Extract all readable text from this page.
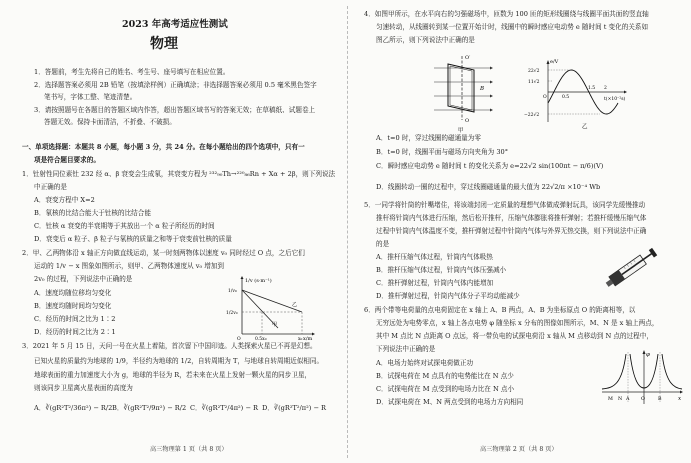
2023 年高考适应性测试
物理
1．答题前，考生先将自己的姓名、考生号、座号填写在相应位置。
2．选择题答案必须用 2B 铅笔（按填涂样例）正确填涂；非选择题答案必须用 0.5 毫米黑色签字
笔书写，字体工整、笔迹清楚。
3．请按照题号在各题目的答题区域内作答，超出答题区域书写的答案无效；在草稿纸、试题卷上
答题无效。保持卡面清洁，不折叠、不破损。
一、单项选择题：本题共 8 小题，每小题 3 分，共 24 分。在每小题给出的四个选项中，只有一
项是符合题目要求的。
1．钍射性同位素钍 232 经 α、β 衰变会生成氡，其衰变方程为 ²³²₉₀Th→²²⁰₈₆Rn + Xα + 2β，则下列说法
中正确的是
A．衰变方程中 X=2
B．氡核的比结合能大于钍核的比结合能
C．钍核 α 衰变的半衰期等于其放出一个 α 粒子所经历的时间
D．衰变后 α 粒子、β 粒子与氡核的质量之和等于衰变前钍核的质量
2．甲、乙两物体沿 x 轴正方向做直线运动，某一时刻两物体以速度 v₀ 同时经过 O 点，之后它们
运动的 1/v − x 图象如图所示，则甲、乙两物体速度从 v₀ 增加到
2v₀ 的过程，下列说法中正确的是
A．速度均随位移均匀变化
B．速度均随时间均匀变化
C．经历的时间之比为 1∶2
D．经历的时间之比为 2∶1
1/v (s·m⁻¹)
x/m
1/v₀
1/2v₀
0.5x₀	x₀
O
甲
乙
3．2021 年 5 月 15 日，天问一号在火星上着陆，首次留下中国印迹。人类探索火星已不再是幻想。
已知火星的质量约为地球的 1/9，半径约为地球的 1/2，自转周期为 T，与地球自转周期近似相同。
地球表面的重力加速度大小为 g，地球的半径为 R，若未来在火星上发射一颗火星的同步卫星，
则该同步卫星离火星表面的高度为
A．∛(gR²T²/36π²) − R/2 B．∛(gR²T²/9π²) − R/2 C．∛(gR²T²/4π²) − R D．∛(gR²T²/π²) − R
高三物理第 1 页（共 8 页）
4．如图甲所示，在水平向右的匀强磁场中，匝数为 100 匝的矩形线圈绕与线圈平面共面的竖直轴
匀速转动，从线圈转到某一位置开始计时，线圈中的瞬时感应电动势 e 随时间 t 变化的关系如
图乙所示，则下列说法中正确的是
O′
O
B
甲
e/V
t(×10⁻²s)
22√2
11√2
−22√2
O	0.5
1.5 2
乙
A．t=0 时，穿过线圈的磁通量为零
B．t=0 时，线圈平面与磁场方向夹角为 30°
C．瞬时感应电动势 e 随时间 t 的变化关系为 e=22√2 sin(100πt − π/6)(V)
D．线圈转动一圈的过程中，穿过线圈磁通量的最大值为 22√2/π ×10⁻⁴ Wb
5．一同学将针筒的针嘴堵住，将该端封闭一定质量的理想气体做成弹射玩具，该同学先缓慢推动
推杆将针筒内气体进行压缩，然后松开推杆，压缩气体膨胀将推杆弹射；若推杆缓慢压缩气体
过程中针筒内气体温度不变，推杆弹射过程中针筒内气体与外界无热交换，则下列说法中正确
的是
A．推杆压缩气体过程，针筒内气体吸热
B．推杆压缩气体过程，针筒内气体压强减小
C．推杆弹射过程，针筒内气体内能增加
D．推杆弹射过程，针筒内气体分子平均动能减少
6．两个带等电荷量的点电荷固定在 x 轴上 A、B 两点，A、B 为坐标原点 O 的距离相等，以
无穷远处为电势零点，x 轴上各点电势 φ 随坐标 x 分布的图像如图所示，M、N 是 x 轴上两点，
其中 M 点比 N 点距离 O 点远，将一带负电的试探电荷沿 x 轴从 M 点移动到 N 点的过程中，
下列说法中正确的是
A．电场力始终对试探电荷做正功
B．试探电荷在 M 点具有的电势能比在 N 点少
C．试探电荷在 M 点受到的电场力比在 N 点小
D．试探电荷在 M、N 两点受到的电场力方向相同
φ
x
A
M N	O	B
高三物理第 2 页（共 8 页）
